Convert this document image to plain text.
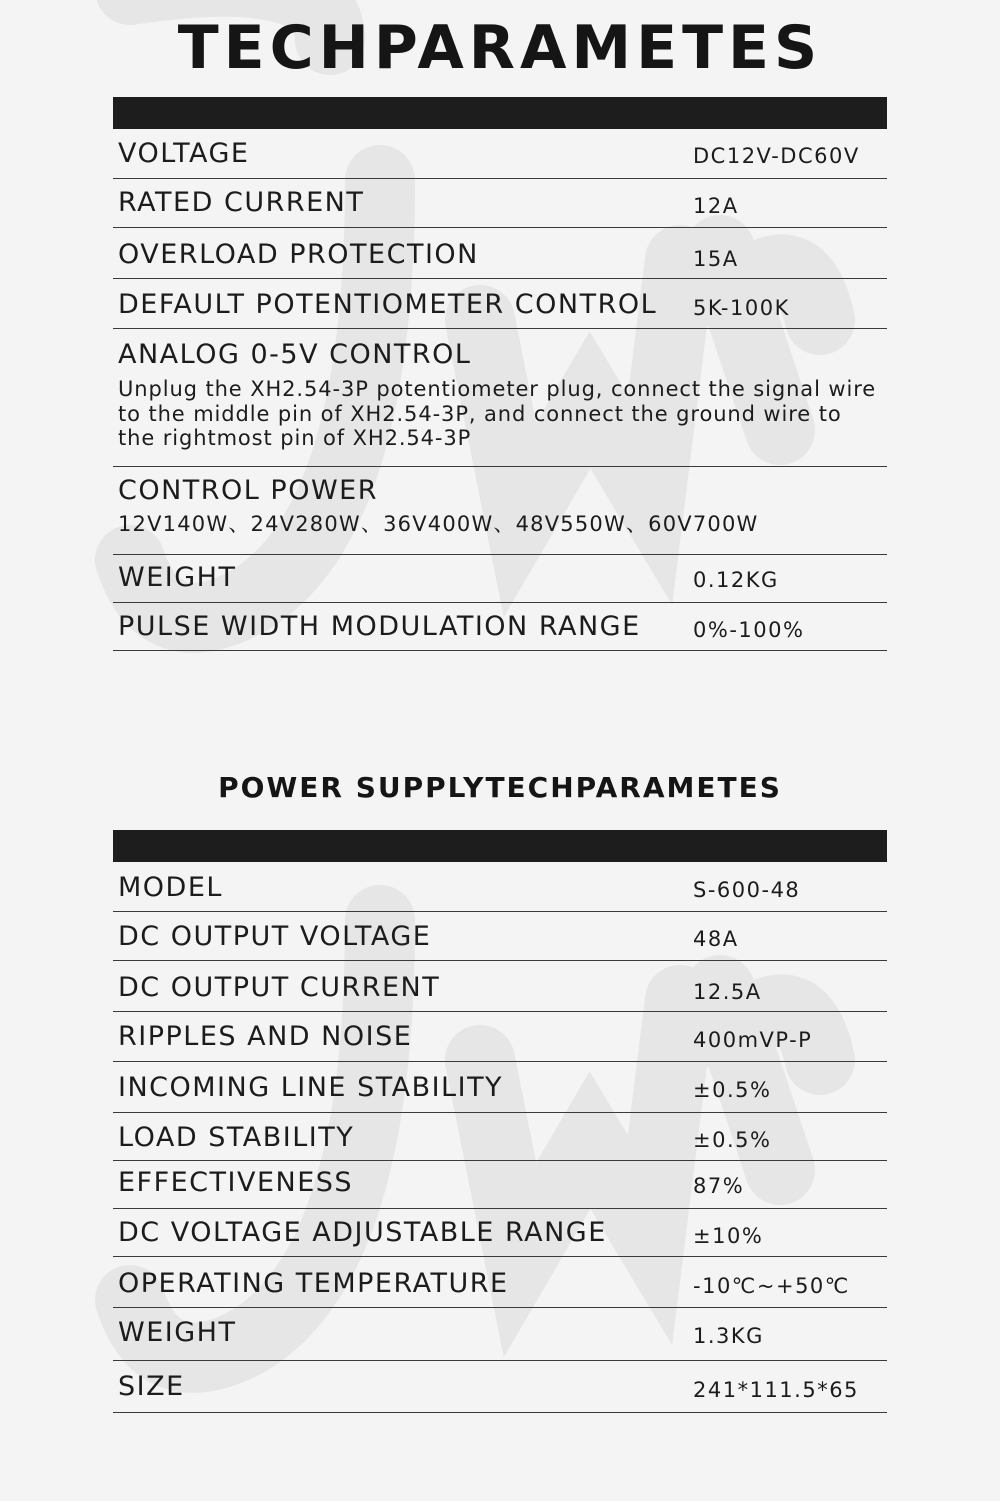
TECHPARAMETES
VOLTAGE	DC12V-DC60V
RATED CURRENT	12A
OVERLOAD PROTECTION	15A
DEFAULT POTENTIOMETER CONTROL 5K-100K
ANALOG 0-5V CONTROL
Unplug the XH2.54-3P potentiometer plug, connect the signal wire to the middle pin of XH2.54-3P, and connect the ground wire to the rightmost pin of XH2.54-3P
CONTROL POWER
12V140W、24V280W、36V400W、48V550W、60V700W
WEIGHT	0.12KG
PULSE WIDTH MODULATION RANGE 0%-100%
POWER SUPPLYTECHPARAMETES
MODEL	S-600-48
DC OUTPUT VOLTAGE	48A
DC OUTPUT CURRENT	12.5A
RIPPLES AND NOISE	400mVP-P
INCOMING LINE STABILITY	±0.5%
LOAD STABILITY	±0.5%
EFFECTIVENESS	87%
DC VOLTAGE ADJUSTABLE RANGE	±10%
OPERATING TEMPERATURE	-10℃~+50℃
WEIGHT	1.3KG
SIZE	241*111.5*65
